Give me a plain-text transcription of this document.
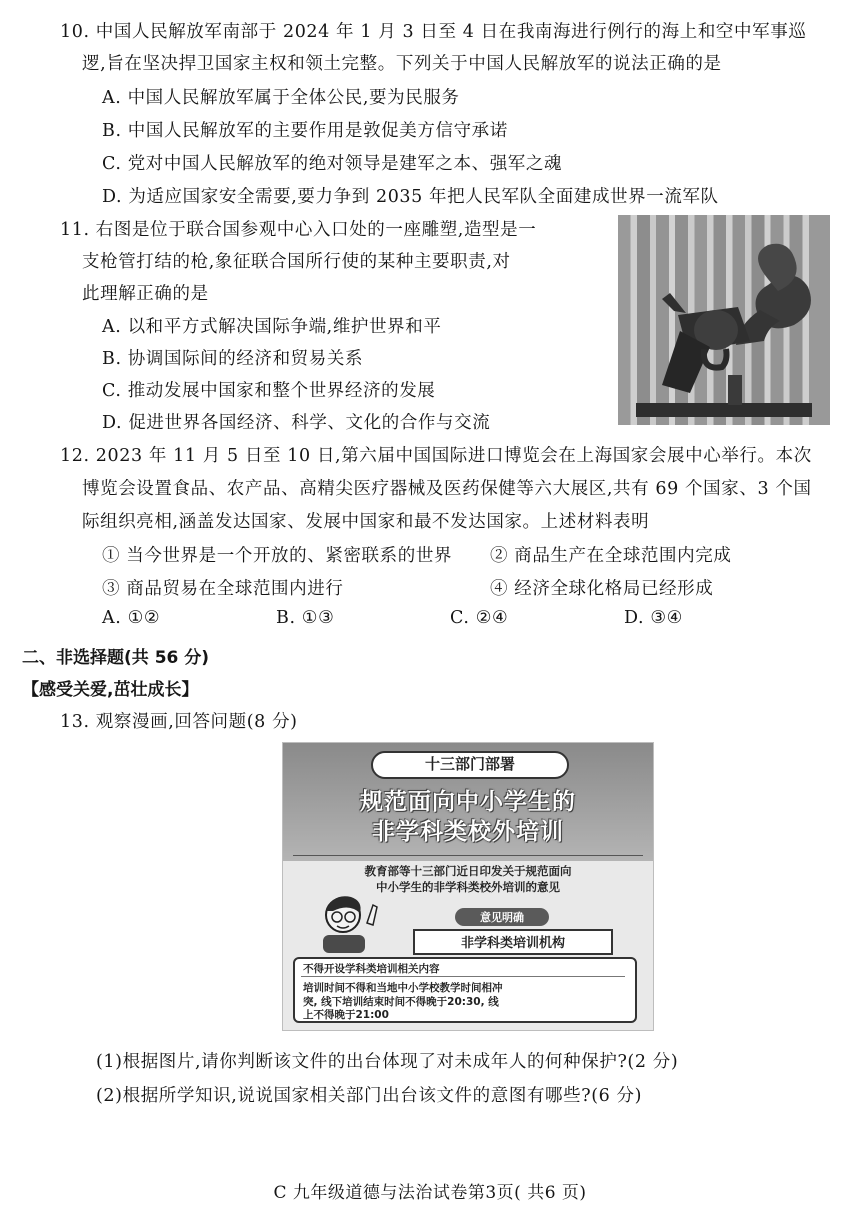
10. 中国人民解放军南部于 2024 年 1 月 3 日至 4 日在我南海进行例行的海上和空中军事巡
逻,旨在坚决捍卫国家主权和领土完整。下列关于中国人民解放军的说法正确的是
A. 中国人民解放军属于全体公民,要为民服务
B. 中国人民解放军的主要作用是敦促美方信守承诺
C. 党对中国人民解放军的绝对领导是建军之本、强军之魂
D. 为适应国家安全需要,要力争到 2035 年把人民军队全面建成世界一流军队
11. 右图是位于联合国参观中心入口处的一座雕塑,造型是一
支枪管打结的枪,象征联合国所行使的某种主要职责,对
此理解正确的是
A. 以和平方式解决国际争端,维护世界和平
B. 协调国际间的经济和贸易关系
C. 推动发展中国家和整个世界经济的发展
D. 促进世界各国经济、科学、文化的合作与交流
12. 2023 年 11 月 5 日至 10 日,第六届中国国际进口博览会在上海国家会展中心举行。本次
博览会设置食品、农产品、高精尖医疗器械及医药保健等六大展区,共有 69 个国家、3 个国
际组织亮相,涵盖发达国家、发展中国家和最不发达国家。上述材料表明
① 当今世界是一个开放的、紧密联系的世界 ② 商品生产在全球范围内完成
③ 商品贸易在全球范围内进行	④ 经济全球化格局已经形成
A. ①②	B. ①③	C. ②④	D. ③④
二、非选择题(共 56 分)
【感受关爱,茁壮成长】
13. 观察漫画,回答问题(8 分)
十三部门部署
规范面向中小学生的
非学科类校外培训
教育部等十三部门近日印发关于规范面向
中小学生的非学科类校外培训的意见
意见明确
非学科类培训机构
不得开设学科类培训相关内容
培训时间不得和当地中小学校教学时间相冲
突, 线下培训结束时间不得晚于20:30, 线
上不得晚于21:00
(1)根据图片,请你判断该文件的出台体现了对未成年人的何种保护?(2 分)
(2)根据所学知识,说说国家相关部门出台该文件的意图有哪些?(6 分)
C 九年级道德与法治试卷第3页( 共6 页)
